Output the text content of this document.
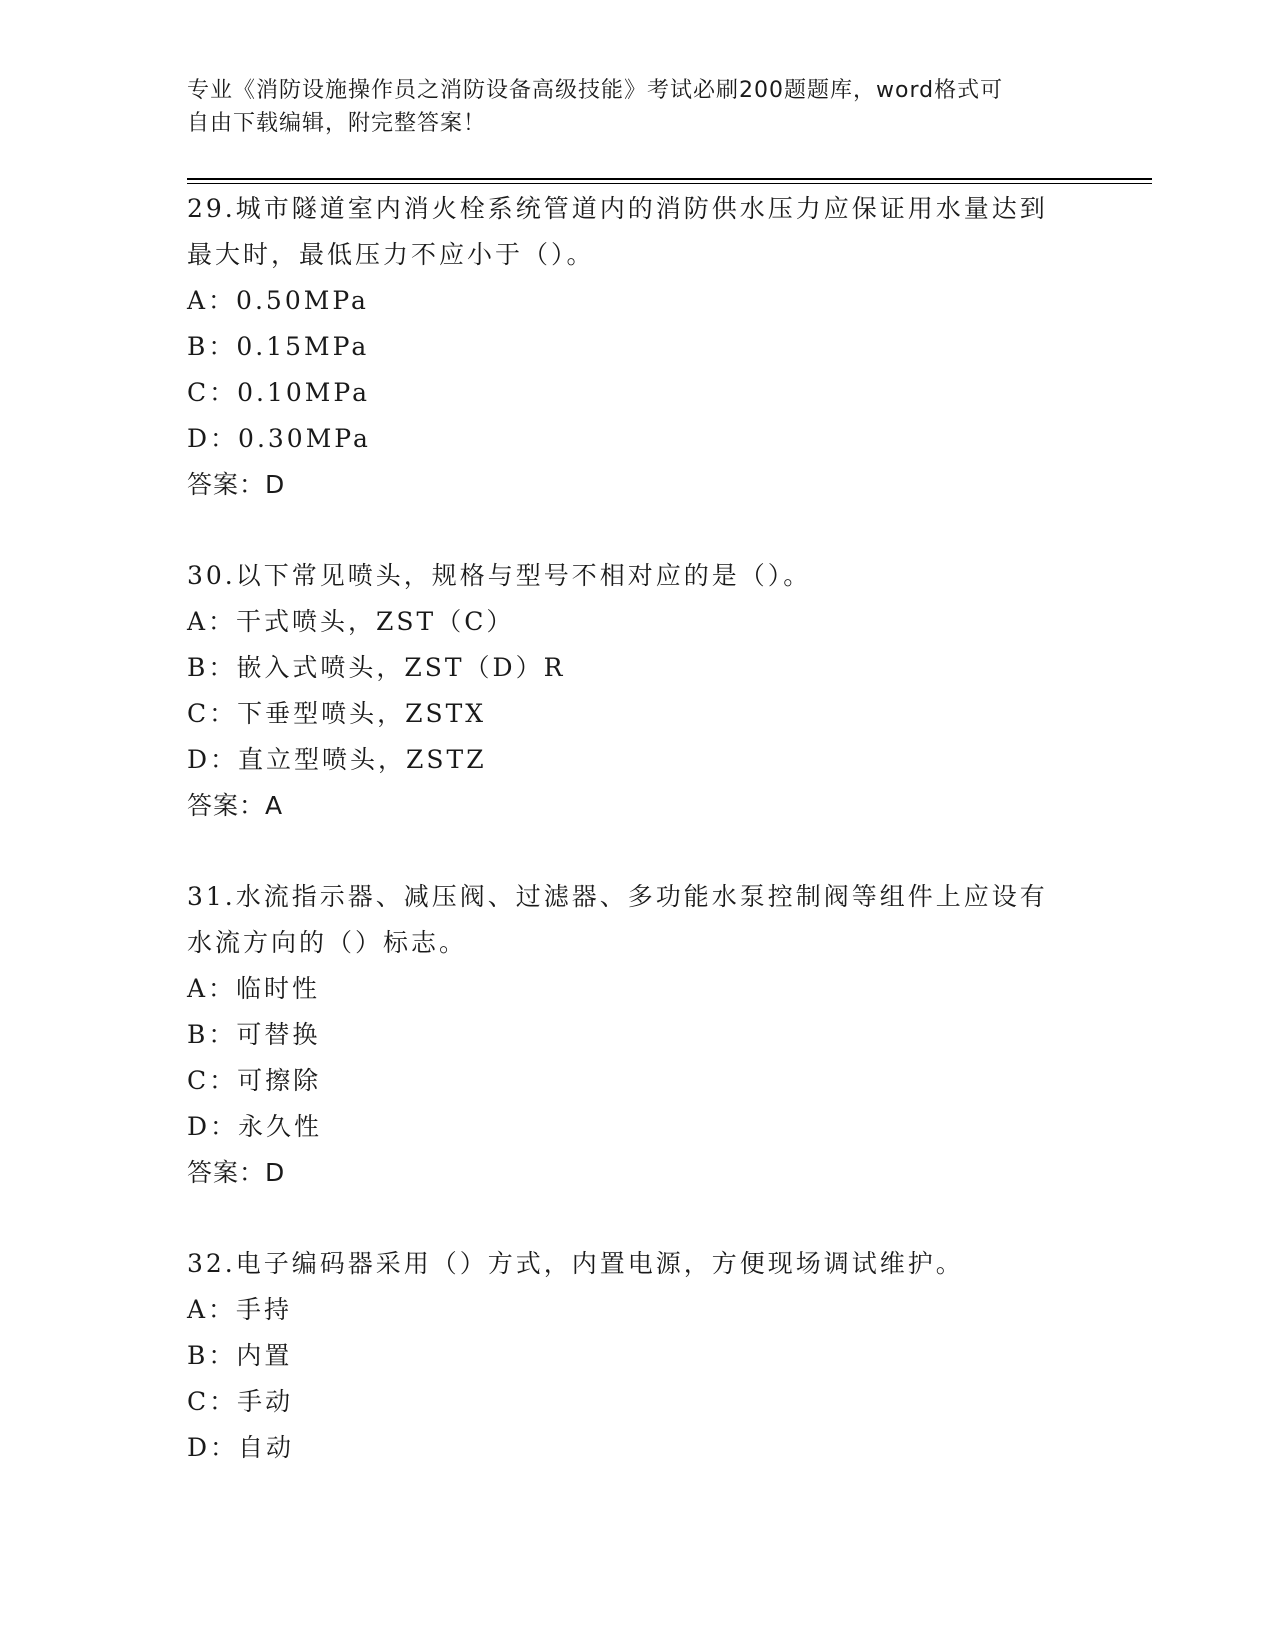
专业《消防设施操作员之消防设备高级技能》考试必刷200题题库，word格式可
自由下载编辑，附完整答案！
29.城市隧道室内消火栓系统管道内的消防供水压力应保证用水量达到
最大时，最低压力不应小于（）。
A：0.50MPa
B：0.15MPa
C：0.10MPa
D：0.30MPa
答案：D
30.以下常见喷头，规格与型号不相对应的是（）。
A：干式喷头，ZST（C）
B：嵌入式喷头，ZST（D）R
C：下垂型喷头，ZSTX
D：直立型喷头，ZSTZ
答案：A
31.水流指示器、减压阀、过滤器、多功能水泵控制阀等组件上应设有
水流方向的（）标志。
A：临时性
B：可替换
C：可擦除
D：永久性
答案：D
32.电子编码器采用（）方式，内置电源，方便现场调试维护。
A：手持
B：内置
C：手动
D：自动
